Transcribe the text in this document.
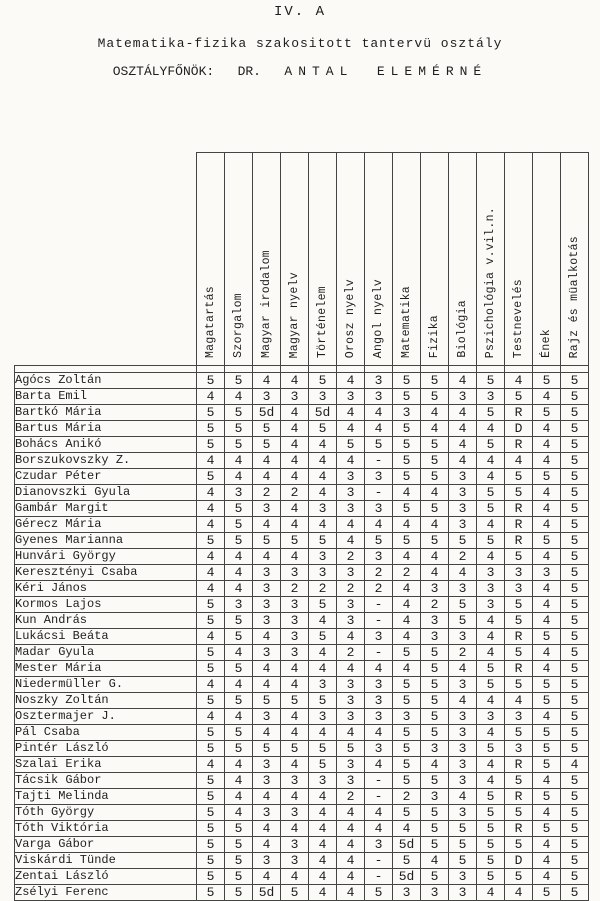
IV. A
Matematika-fizika szakositott tantervü osztály
OSZTÁLYFŐNÖK: DR. ANTAL ELEMÉRNÉ
	Magatartás	Szorgalom	Magyar irodalom	Magyar nyelv	Történelem	Orosz nyelv	Angol nyelv	Matematika	Fizika	Biológia	Pszichológia v.vil.n.	Testnevelés	Ének	Rajz és müalkotás

Agócs Zoltán	5	5	4	4	5	4	3	5	5	4	5	4	5	5
Barta Emil	4	4	3	3	3	3	3	5	5	3	3	5	4	5
Bartkó Mária	5	5	5d	4	5d	4	4	3	4	4	5	R	5	5
Bartus Mária	5	5	5	4	5	4	4	5	4	4	4	D	4	5
Bohács Anikó	5	5	5	4	4	5	5	5	5	4	5	R	4	5
Borszukovszky Z.	4	4	4	4	4	4	-	5	5	4	4	4	4	5
Czudar Péter	5	4	4	4	4	3	3	5	5	3	4	5	5	5
Dianovszki Gyula	4	3	2	2	4	3	-	4	4	3	5	5	4	5
Gambár Margit	4	5	3	4	3	3	3	5	5	3	5	R	4	5
Gérecz Mária	4	5	4	4	4	4	4	4	4	3	4	R	4	5
Gyenes Marianna	5	5	5	5	5	4	5	5	5	5	5	R	5	5
Hunvári György	4	4	4	4	3	2	3	4	4	2	4	5	4	5
Keresztényi Csaba	4	4	3	3	3	3	2	2	4	4	3	3	3	5
Kéri János	4	4	3	2	2	2	2	4	3	3	3	3	4	5
Kormos Lajos	5	3	3	3	5	3	-	4	2	5	3	5	4	5
Kun András	5	5	3	3	4	3	-	4	3	5	4	5	4	5
Lukácsi Beáta	4	5	4	3	5	4	3	4	3	3	4	R	5	5
Madar Gyula	5	4	3	3	4	2	-	5	5	2	4	5	4	5
Mester Mária	5	5	4	4	4	4	4	4	5	4	5	R	4	5
Niedermüller G.	4	4	4	4	3	3	3	5	5	3	5	5	5	5
Noszky Zoltán	5	5	5	5	5	3	3	5	5	4	4	4	5	5
Osztermajer J.	4	4	3	4	3	3	3	3	5	3	3	3	4	5
Pál Csaba	5	5	4	4	4	4	4	5	5	3	4	5	5	5
Pintér László	5	5	5	5	5	5	3	5	3	3	5	3	5	5
Szalai Erika	4	4	3	4	5	3	4	5	4	3	4	R	5	4
Tácsik Gábor	5	4	3	3	3	3	-	5	5	3	4	5	4	5
Tajti Melinda	5	4	4	4	4	2	-	2	3	4	5	R	5	5
Tóth György	5	4	3	3	4	4	4	5	5	3	5	5	4	5
Tóth Viktória	5	5	4	4	4	4	4	4	5	5	5	R	5	5
Varga Gábor	5	5	4	3	4	4	3	5d	5	5	5	5	4	5
Viskárdi Tünde	5	5	3	3	4	4	-	5	4	5	5	D	4	5
Zentai László	5	5	4	4	4	4	-	5d	5	3	5	5	4	5
Zsélyi Ferenc	5	5	5d	5	4	4	5	3	3	3	4	4	5	5
